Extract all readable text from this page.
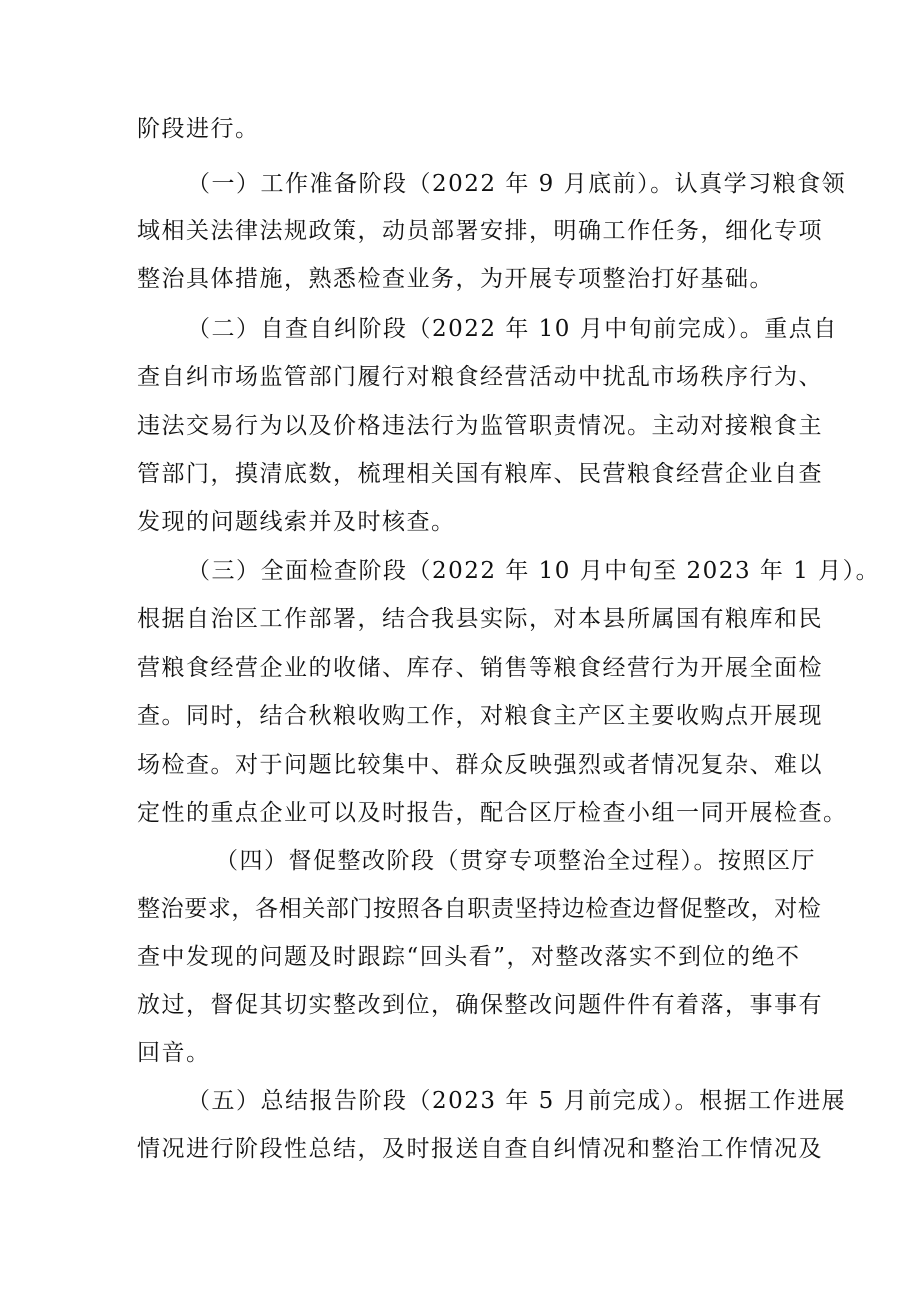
阶段进行。

（一）工作准备阶段（2022 年 9 月底前）。认真学习粮食领

域相关法律法规政策，动员部署安排，明确工作任务，细化专项

整治具体措施，熟悉检查业务，为开展专项整治打好基础。

（二）自查自纠阶段（2022 年 10 月中旬前完成）。重点自

查自纠市场监管部门履行对粮食经营活动中扰乱市场秩序行为、

违法交易行为以及价格违法行为监管职责情况。主动对接粮食主

管部门，摸清底数，梳理相关国有粮库、民营粮食经营企业自查

发现的问题线索并及时核查。

（三）全面检查阶段（2022 年 10 月中旬至 2023 年 1 月）。

根据自治区工作部署，结合我县实际，对本县所属国有粮库和民

营粮食经营企业的收储、库存、销售等粮食经营行为开展全面检

查。同时，结合秋粮收购工作，对粮食主产区主要收购点开展现

场检查。对于问题比较集中、群众反映强烈或者情况复杂、难以

定性的重点企业可以及时报告，配合区厅检查小组一同开展检查。

（四）督促整改阶段（贯穿专项整治全过程）。按照区厅

整治要求，各相关部门按照各自职责坚持边检查边督促整改，对检

查中发现的问题及时跟踪“回头看”，对整改落实不到位的绝不

放过，督促其切实整改到位，确保整改问题件件有着落，事事有

回音。

（五）总结报告阶段（2023 年 5 月前完成）。根据工作进展

情况进行阶段性总结，及时报送自查自纠情况和整治工作情况及
